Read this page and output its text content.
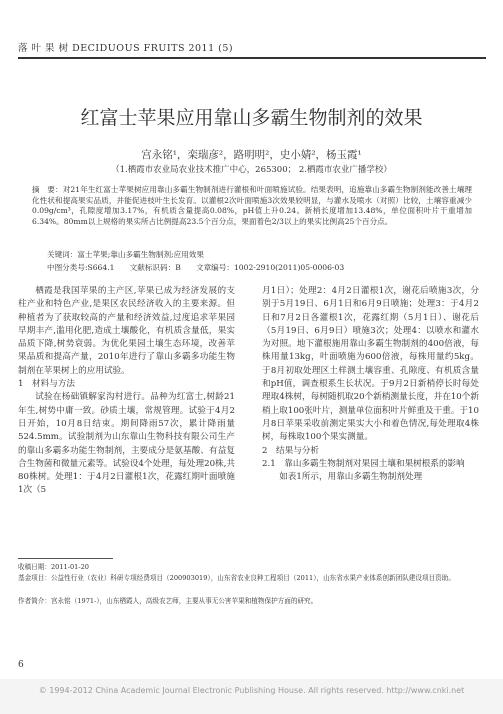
落 叶 果 树 DECIDUOUS FRUITS 2011 (5)
红富士苹果应用靠山多霸生物制剂的效果
宫永铭¹，栾瑞彦²，路明明²，史小婧²，杨玉霞¹
（1.栖霞市农业局农业技术推广中心，265300； 2.栖霞市农业广播学校）
摘　要：对21年生红富士苹果树应用靠山多霸生物制剂进行灌根和叶面喷施试验。结果表明，追施靠山多霸生物制剂能改善土壤理化性状和提高果实品质，并能促进枝叶生长发育。以灌根2次叶面喷施3次效果较明显，与灌水及喷水（对照）比较，土壤容重减少0.09g/cm³，孔隙度增加3.17%，有机质含量提高0.08%，pH值上升0.24。新梢长度增加13.48%，单位面积叶片干重增加6.34%。80mm以上规格的果实所占比例提高23.5个百分点，果面着色2/3以上的果实比例高25个百分点。
关键词：富士苹果;靠山多霸生物制剂;应用效果
中图分类号:S664.1　　文献标识码：B　　文章编号：1002-2910(2011)05-0006-03

栖霞是我国苹果的主产区,苹果已成为经济发展的支柱产业和特色产业,是果区农民经济收入的主要来源。但种植者为了获取较高的产量和经济效益,过度追求苹果园早期丰产,滥用化肥,造成土壤酸化，有机质含量低，果实品质下降,树势衰弱。为优化果园土壤生态环境，改善苹果品质和提高产量，2010年进行了靠山多霸多功能生物制剂在苹果树上的应用试验。

1　材料与方法

试验在杨础镇解家沟村进行。品种为红富士,树龄21年生,树势中庸一致。砂质土壤，常规管理。试验于4月2日开始，10月8日结束。期间降雨57次，累计降雨量524.5mm。试验制剂为山东靠山生物科技有限公司生产的靠山多霸多功能生物制剂，主要成分是氨基酸、有益复合生物菌和微量元素等。试验设4个处理，每处理20株,共80株树。处理1：于4月2日灌根1次，花露红期叶面喷施1次（5

月1日）；处理2：4月2日灌根1次，谢花后喷施3次，分别于5月19日、6月1日和6月9日喷施；处理3：于4月2日和7月2日各灌根1次，花露红期（5月1日）、谢花后（5月19日、6月9日）喷施3次；处理4：以喷水和灌水为对照。地下灌根施用靠山多霸生物制剂的400倍液，每株用量13kg，叶面喷施为600倍液，每株用量约5kg。于8月初取处理区土样测土壤容重、孔隙度、有机质含量和pH值，调查根系生长状况。于9月2日新梢停长时每处理取4株树，每树随机取20个新梢测量长度，并在10个新梢上取100张叶片，测量单位面积叶片鲜重及干重。于10月8日苹果采收前测定果实大小和着色情况,每处理取4株树，每株取100个果实测量。

2　结果与分析

2.1　靠山多霸生物制剂对果园土壤和果树根系的影响

如表1所示，用靠山多霸生物制剂处理

收稿日期：2011-01-20
基金项目：公益性行业（农业）科研专项经费项目（200903019），山东省农业良种工程项目（2011），山东省水果产业体系创新团队建设项目资助。
作者简介：宫永铭（1971-），山东栖霞人，高级农艺师，主要从事无公害苹果和植物保护方面的研究。
6
© 1994-2012 China Academic Journal Electronic Publishing House. All rights reserved. http://www.cnki.net
